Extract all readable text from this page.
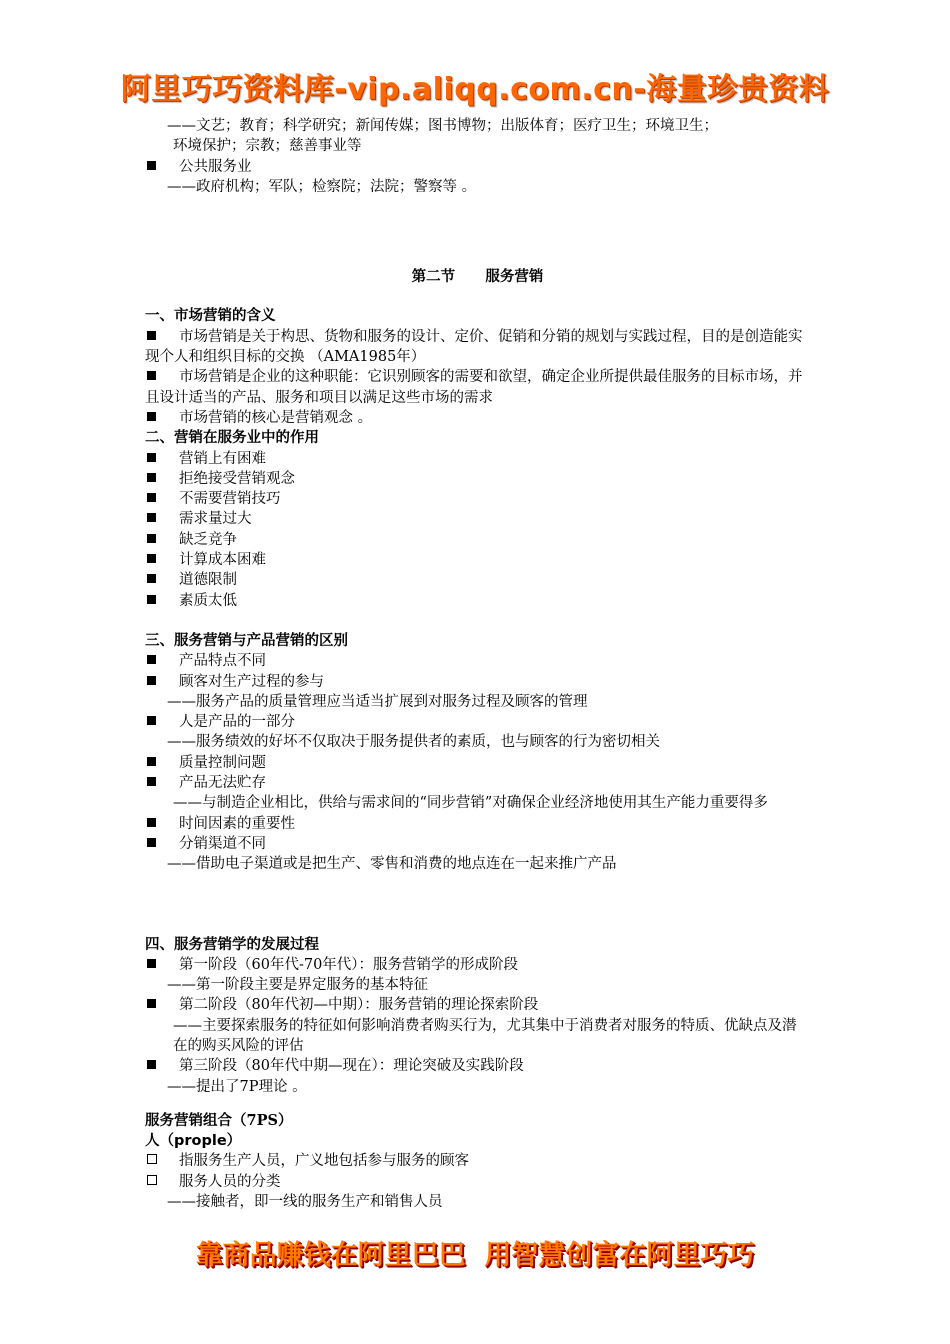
阿里巧巧资料库-vip.aliqq.com.cn-海量珍贵资料
——文艺；教育；科学研究；新闻传媒；图书博物；出版体育；医疗卫生；环境卫生；
环境保护；宗教；慈善事业等
公共服务业
——政府机构；军队；检察院；法院；警察等 。
第二节      服务营销
一、市场营销的含义
市场营销是关于构思、货物和服务的设计、定价、促销和分销的规划与实践过程，目的是创造能实现个人和组织目标的交换 （AMA1985年）
市场营销是企业的这种职能：它识别顾客的需要和欲望，确定企业所提供最佳服务的目标市场，并且设计适当的产品、服务和项目以满足这些市场的需求
市场营销的核心是营销观念 。
二、营销在服务业中的作用
营销上有困难
拒绝接受营销观念
不需要营销技巧
需求量过大
缺乏竞争
计算成本困难
道德限制
素质太低
三、服务营销与产品营销的区别
产品特点不同
顾客对生产过程的参与
——服务产品的质量管理应当适当扩展到对服务过程及顾客的管理
人是产品的一部分
——服务绩效的好坏不仅取决于服务提供者的素质，也与顾客的行为密切相关
质量控制问题
产品无法贮存
——与制造企业相比，供给与需求间的“同步营销”对确保企业经济地使用其生产能力重要得多
时间因素的重要性
分销渠道不同
——借助电子渠道或是把生产、零售和消费的地点连在一起来推广产品
四、服务营销学的发展过程
第一阶段（60年代-70年代）：服务营销学的形成阶段
——第一阶段主要是界定服务的基本特征
第二阶段（80年代初—中期）：服务营销的理论探索阶段
——主要探索服务的特征如何影响消费者购买行为，尤其集中于消费者对服务的特质、优缺点及潜在的购买风险的评估
第三阶段（80年代中期—现在）：理论突破及实践阶段
——提出了7P理论 。
服务营销组合（7PS）
人（prople）
指服务生产人员，广义地包括参与服务的顾客
服务人员的分类
——接触者，即一线的服务生产和销售人员
靠商品赚钱在阿里巴巴  用智慧创富在阿里巧巧
